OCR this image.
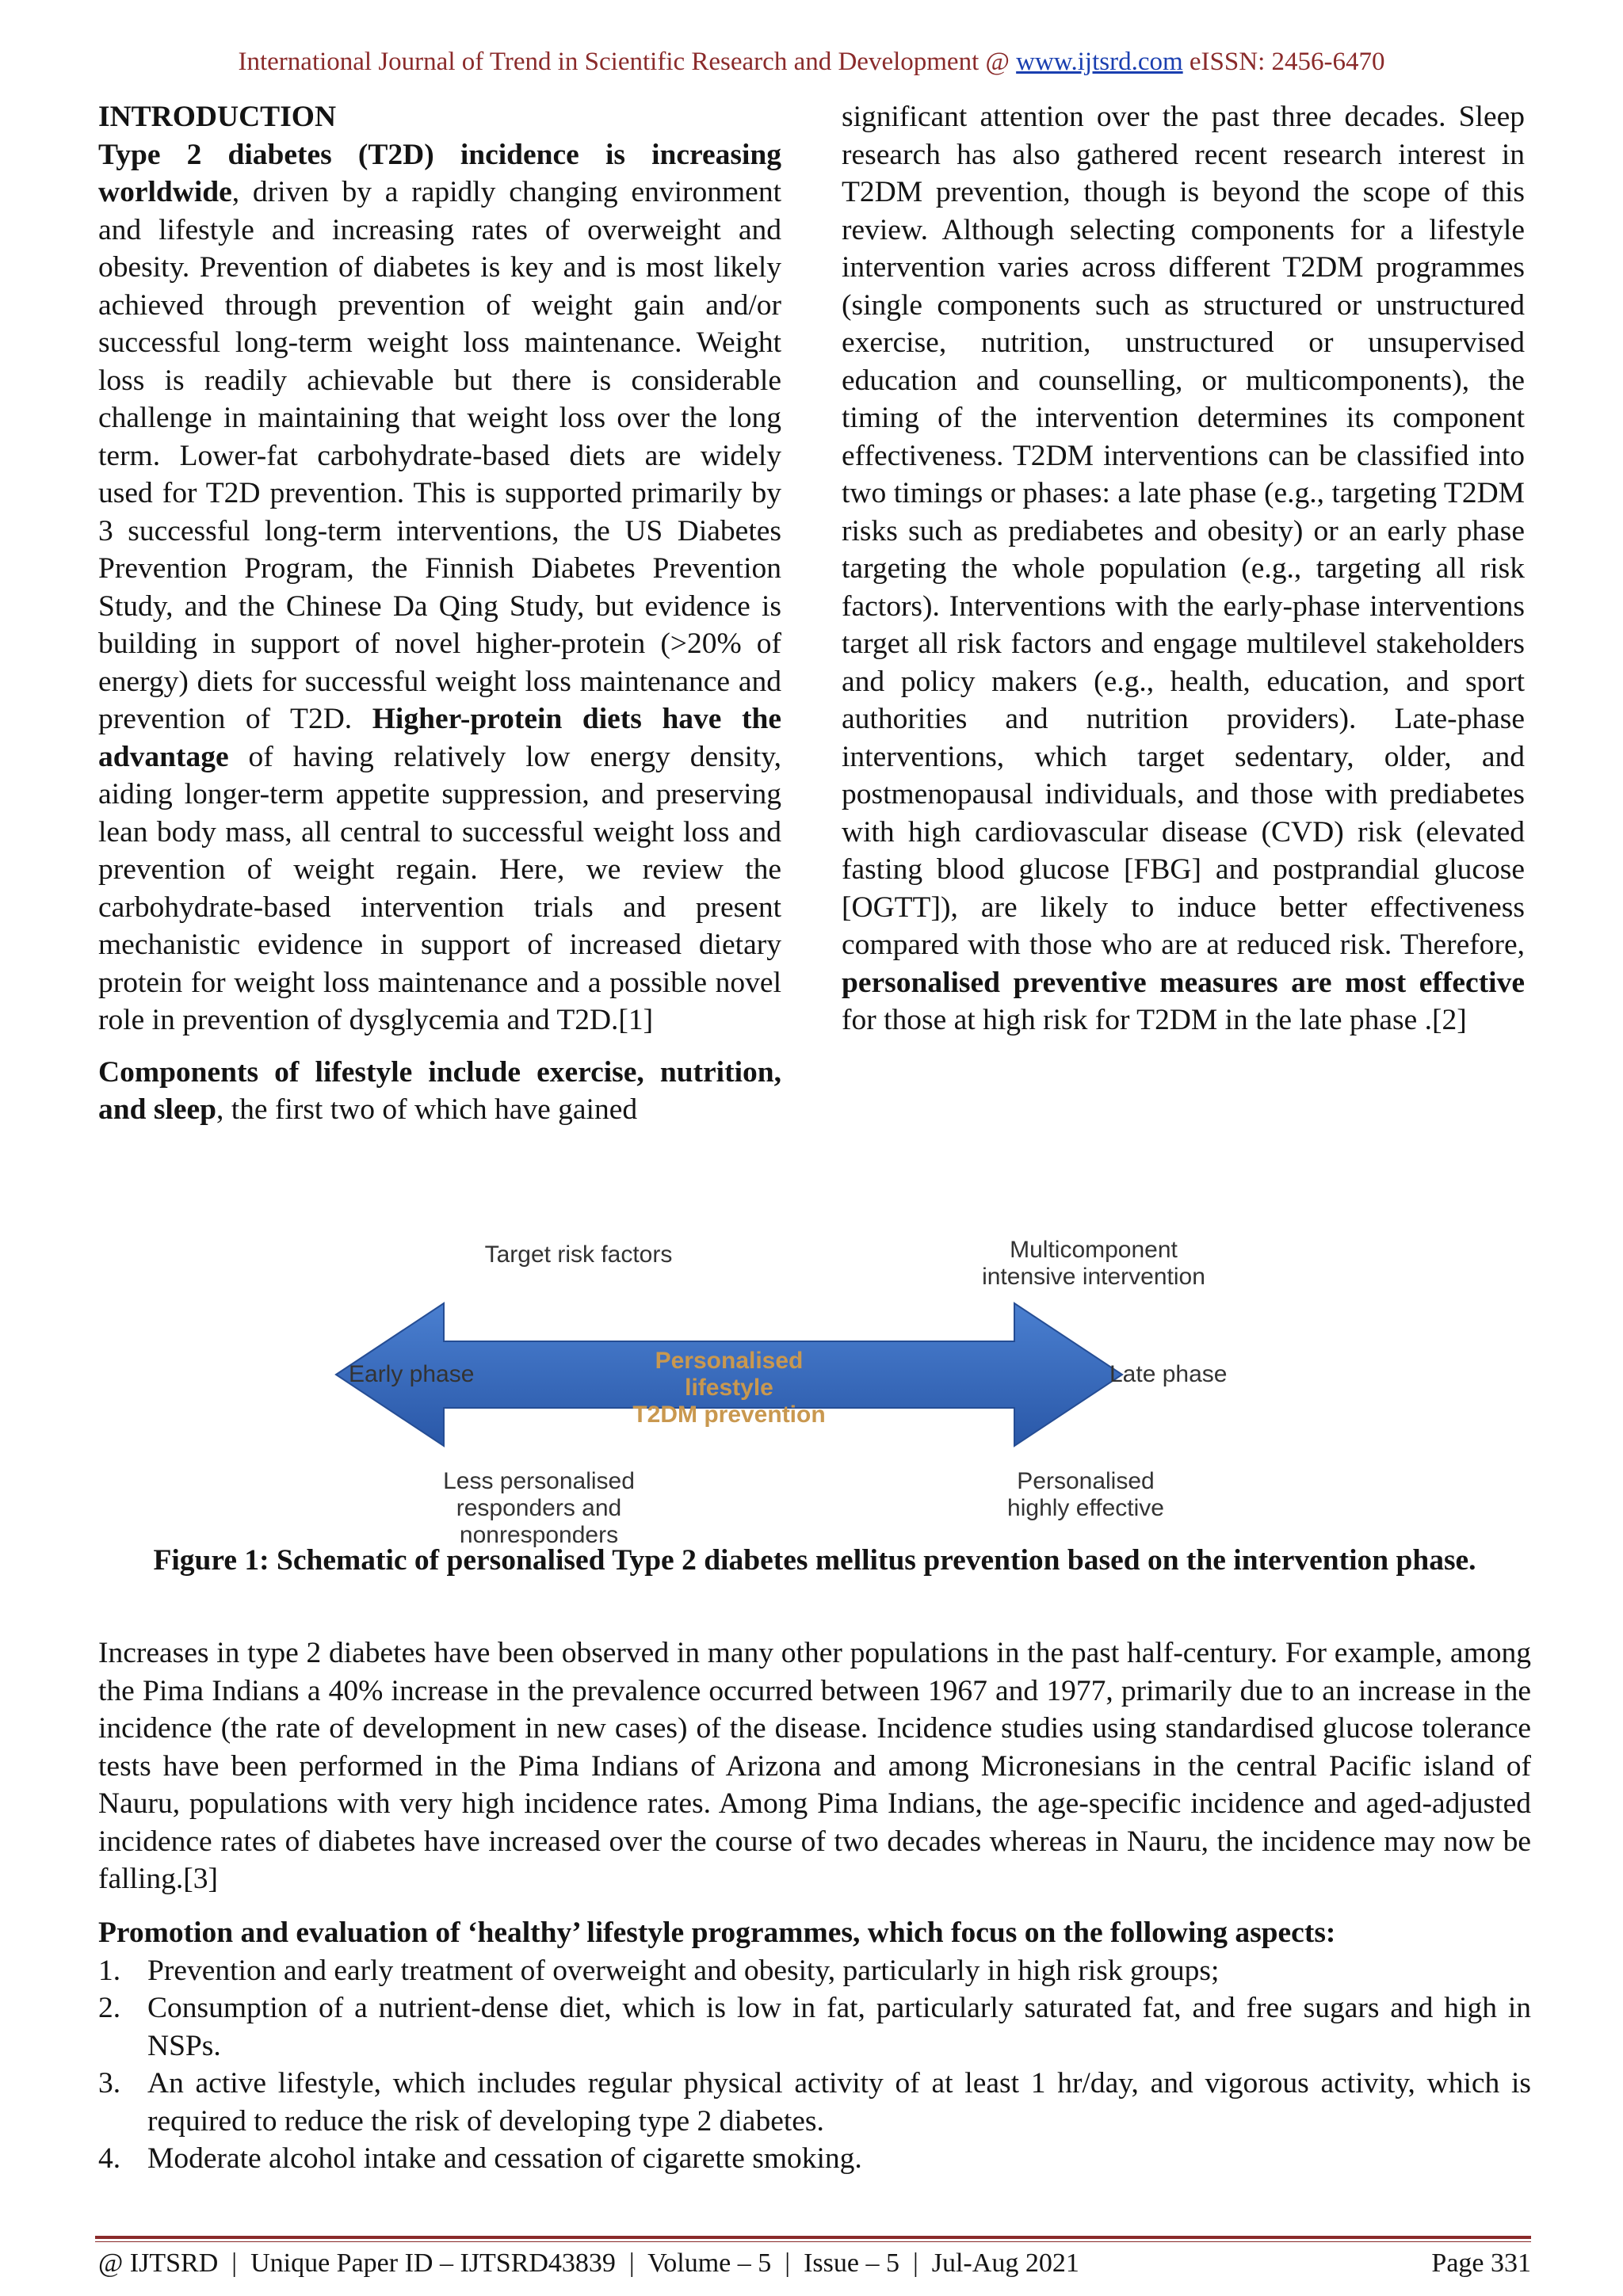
International Journal of Trend in Scientific Research and Development @ www.ijtsrd.com eISSN: 2456-6470

INTRODUCTION

Type 2 diabetes (T2D) incidence is increasing worldwide, driven by a rapidly changing environment and lifestyle and increasing rates of overweight and obesity. Prevention of diabetes is key and is most likely achieved through prevention of weight gain and/or successful long-term weight loss maintenance. Weight loss is readily achievable but there is considerable challenge in maintaining that weight loss over the long term. Lower-fat carbohydrate-based diets are widely used for T2D prevention. This is supported primarily by 3 successful long-term interventions, the US Diabetes Prevention Program, the Finnish Diabetes Prevention Study, and the Chinese Da Qing Study, but evidence is building in support of novel higher-protein (>20% of energy) diets for successful weight loss maintenance and prevention of T2D. Higher-protein diets have the advantage of having relatively low energy density, aiding longer-term appetite suppression, and preserving lean body mass, all central to successful weight loss and prevention of weight regain. Here, we review the carbohydrate-based intervention trials and present mechanistic evidence in support of increased dietary protein for weight loss maintenance and a possible novel role in prevention of dysglycemia and T2D.[1]

Components of lifestyle include exercise, nutrition, and sleep, the first two of which have gained

significant attention over the past three decades. Sleep research has also gathered recent research interest in T2DM prevention, though is beyond the scope of this review. Although selecting components for a lifestyle intervention varies across different T2DM programmes (single components such as structured or unstructured exercise, nutrition, unstructured or unsupervised education and counselling, or multicomponents), the timing of the intervention determines its component effectiveness. T2DM interventions can be classified into two timings or phases: a late phase (e.g., targeting T2DM risks such as prediabetes and obesity) or an early phase targeting the whole population (e.g., targeting all risk factors). Interventions with the early-phase interventions target all risk factors and engage multilevel stakeholders and policy makers (e.g., health, education, and sport authorities and nutrition providers). Late-phase interventions, which target sedentary, older, and postmenopausal individuals, and those with prediabetes with high cardiovascular disease (CVD) risk (elevated fasting blood glucose [FBG] and postprandial glucose [OGTT]), are likely to induce better effectiveness compared with those who are at reduced risk. Therefore, personalised preventive measures are most effective for those at high risk for T2DM in the late phase .[2]

Target risk factors	Multicomponent
intensive intervention
Early phase	Late phase
Personalised lifestyle
T2DM prevention
Less personalised
responders and nonresponders
Personalised
highly effective
Figure 1: Schematic of personalised Type 2 diabetes mellitus prevention based on the intervention phase.

Increases in type 2 diabetes have been observed in many other populations in the past half-century. For example, among the Pima Indians a 40% increase in the prevalence occurred between 1967 and 1977, primarily due to an increase in the incidence (the rate of development in new cases) of the disease. Incidence studies using standardised glucose tolerance tests have been performed in the Pima Indians of Arizona and among Micronesians in the central Pacific island of Nauru, populations with very high incidence rates. Among Pima Indians, the age-specific incidence and aged-adjusted incidence rates of diabetes have increased over the course of two decades whereas in Nauru, the incidence may now be falling.[3]

Promotion and evaluation of ‘healthy’ lifestyle programmes, which focus on the following aspects:

1. Prevention and early treatment of overweight and obesity, particularly in high risk groups;
2. Consumption of a nutrient-dense diet, which is low in fat, particularly saturated fat, and free sugars and high in NSPs.
3. An active lifestyle, which includes regular physical activity of at least 1 hr/day, and vigorous activity, which is required to reduce the risk of developing type 2 diabetes.
4. Moderate alcohol intake and cessation of cigarette smoking.
@ IJTSRD  |  Unique Paper ID – IJTSRD43839  |  Volume – 5  |  Issue – 5  |  Jul-Aug 2021	Page 331
